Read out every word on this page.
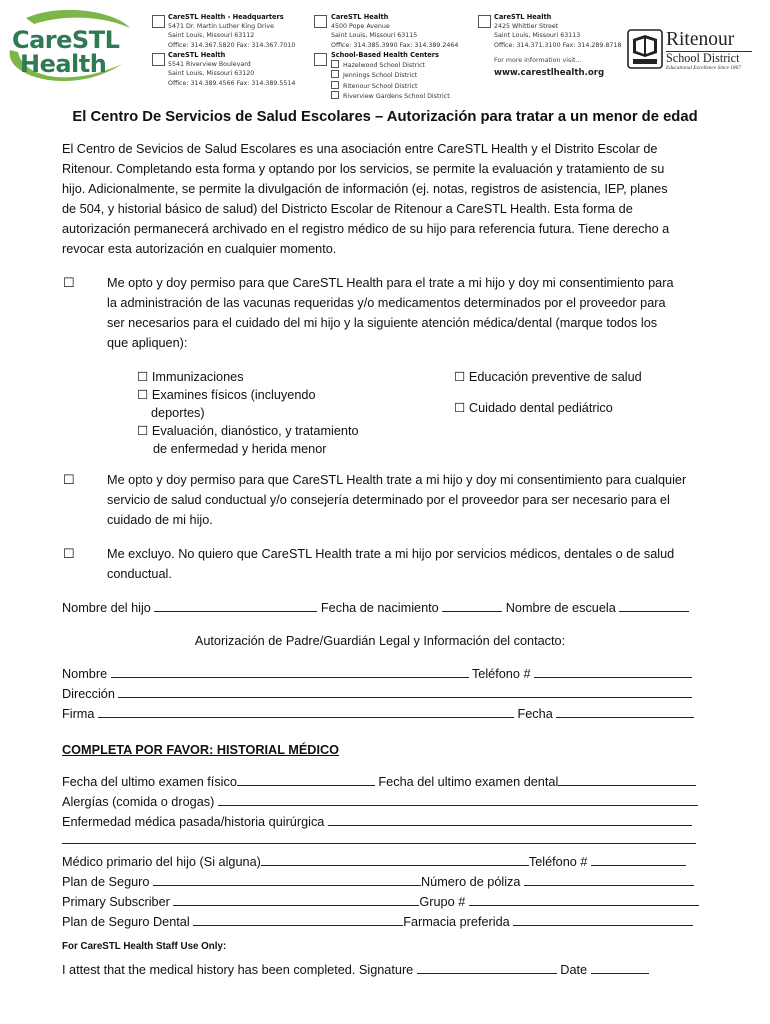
CareSTL
Health
CareSTL Health - Headquarters
5471 Dr. Martin Luther King Drive
Saint Louis, Missouri 63112
Office: 314.367.5820 Fax: 314.367.7010
CareSTL Health
5541 Riverview Boulevard
Saint Louis, Missouri 63120
Office: 314.389.4566 Fax: 314.389.5514
CareSTL Health
4500 Pope Avenue
Saint Louis, Missouri 63115
Office: 314.385.3990 Fax: 314.389.2464
School-Based Health Centers
Hazelwood School District
Jennings School District
Ritenour School District
Riverview Gardens School District
CareSTL Health
2425 Whittier Street
Saint Louis, Missouri 63113
Office: 314.371.3100 Fax: 314.289.8718
For more information visit...
www.carestlhealth.org
Ritenour
School District
Educational Excellence Since 1867
El Centro De Servicios de Salud Escolares – Autorización para tratar a un menor de edad
El Centro de Sevicios de Salud Escolares es una asociación entre CareSTL Health y el Distrito Escolar de
Ritenour. Completando esta forma y optando por los servicios, se permite la evaluación y tratamiento de su
hijo. Adicionalmente, se permite la divulgación de información (ej. notas, registros de asistencia, IEP, planes
de 504, y historial básico de salud) del Districto Escolar de Ritenour a CareSTL Health. Esta forma de
autorización permanecerá archivado en el registro médico de su hijo para referencia futura. Tiene derecho a
revocar esta autorización en cualquier momento.
☐	Me opto y doy permiso para que CareSTL Health para el trate a mi hijo y doy mi consentimiento para
la administración de las vacunas requeridas y/o medicamentos determinados por el proveedor para
ser necesarios para el cuidado del mi hijo y la siguiente atención médica/dental (marque todos los
que apliquen):
☐ Immunizaciones
☐ Examines físicos (incluyendo
deportes)
☐ Evaluación, dianóstico, y tratamiento
de enfermedad y herida menor
☐ Educación preventive de salud
☐ Cuidado dental pediátrico
☐	Me opto y doy permiso para que CareSTL Health trate a mi hijo y doy mi consentimiento para cualquier
servicio de salud conductual y/o consejería determinado por el proveedor para ser necesario para el
cuidado de mi hijo.
☐	Me excluyo. No quiero que CareSTL Health trate a mi hijo por servicios médicos, dentales o de salud
conductual.
Nombre del hijo	Fecha de nacimiento	Nombre de escuela
Autorización de Padre/Guardián Legal y Información del contacto:
Nombre	Teléfono #
Dirección
Firma	Fecha
COMPLETA POR FAVOR: HISTORIAL MÉDICO
Fecha del ultimo examen físico	Fecha del ultimo examen dental
Alergías (comida o drogas)
Enfermedad médica pasada/historia quirúrgica
Médico primario del hijo (Si alguna)	Teléfono #
Plan de Seguro	Número de póliza
Primary Subscriber	Grupo #
Plan de Seguro Dental	Farmacia preferida
For CareSTL Health Staff Use Only:
I attest that the medical history has been completed. Signature	Date
